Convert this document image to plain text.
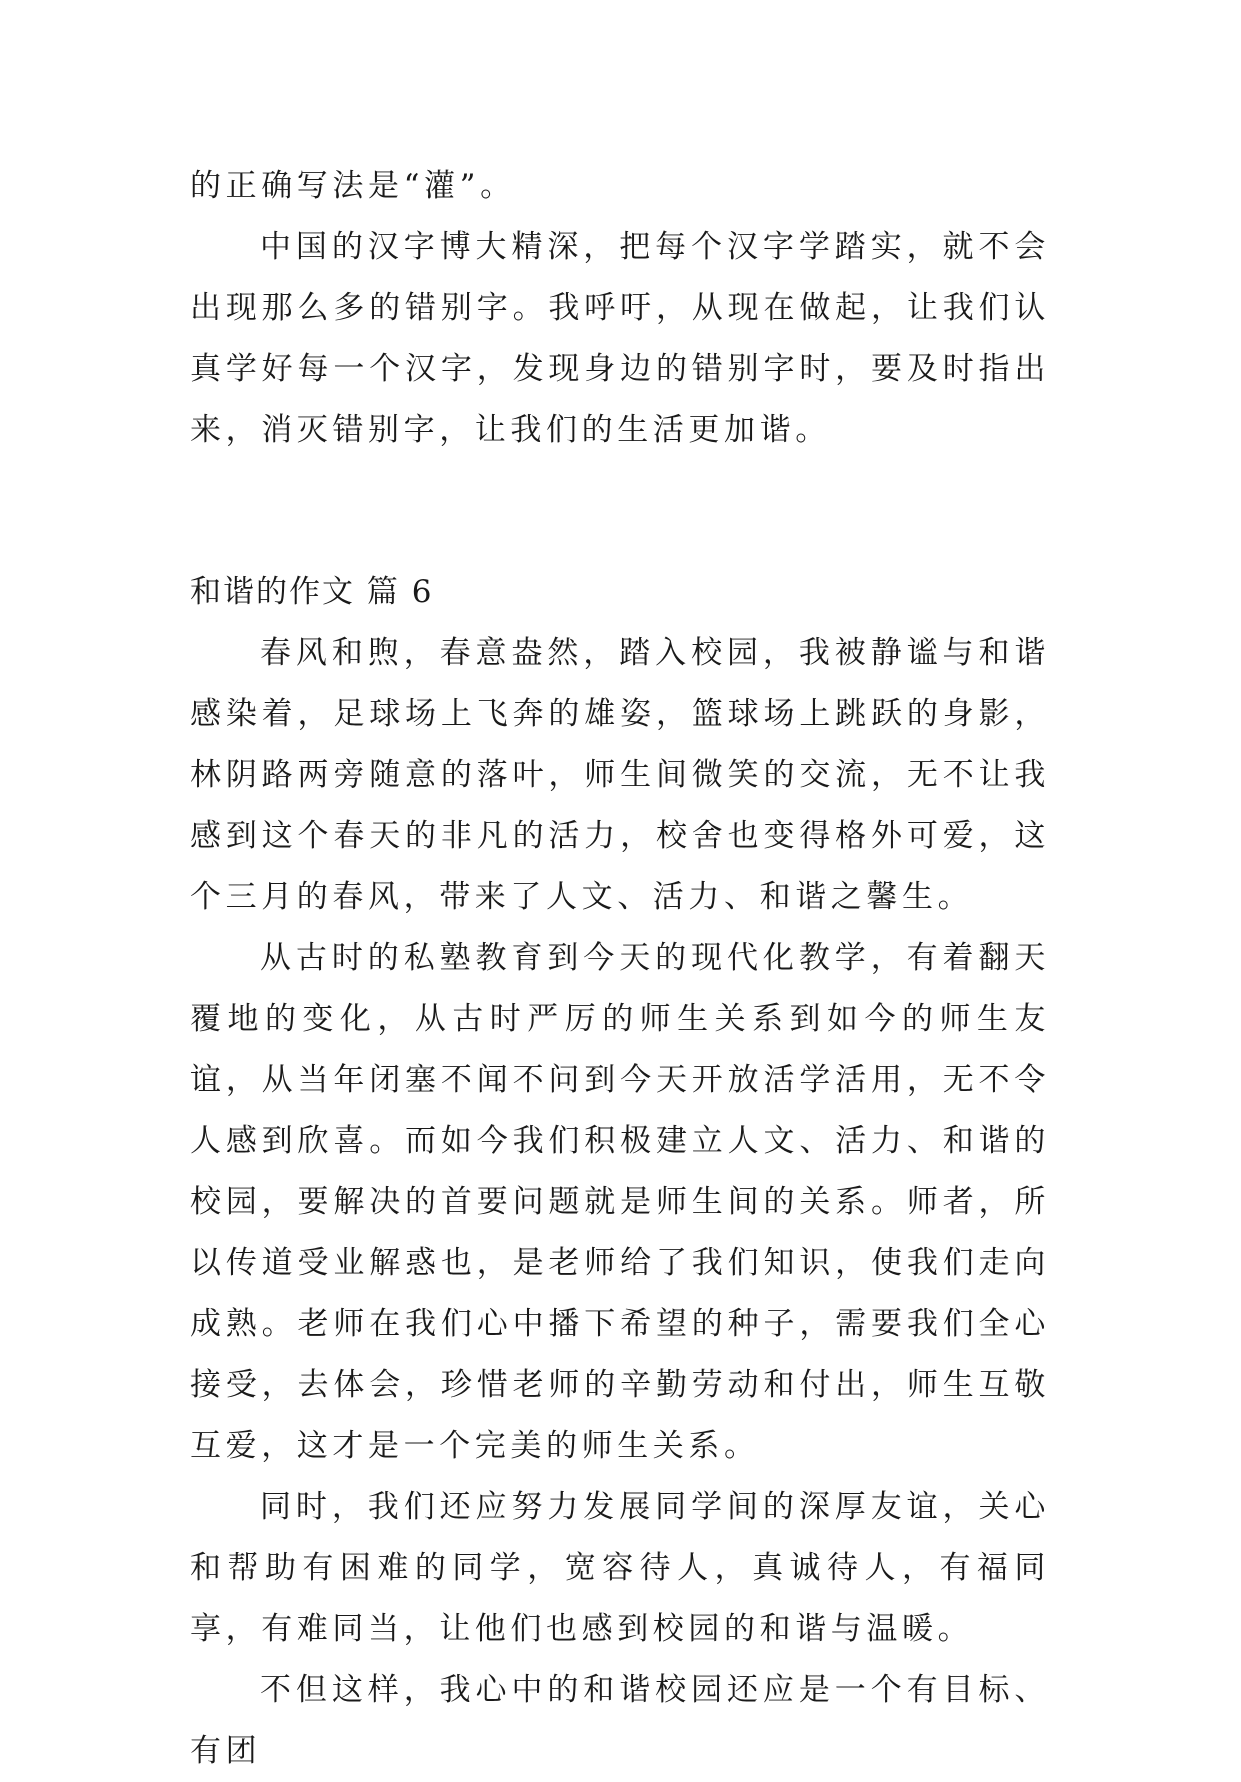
的正确写法是“灌”。

中国的汉字博大精深，把每个汉字学踏实，就不会出现那么多的错别字。我呼吁，从现在做起，让我们认真学好每一个汉字，发现身边的错别字时，要及时指出来，消灭错别字，让我们的生活更加谐。

和谐的作文 篇 6

春风和煦，春意盎然，踏入校园，我被静谧与和谐感染着，足球场上飞奔的雄姿，篮球场上跳跃的身影，林阴路两旁随意的落叶，师生间微笑的交流，无不让我感到这个春天的非凡的活力，校舍也变得格外可爱，这个三月的春风，带来了人文、活力、和谐之馨生。

从古时的私塾教育到今天的现代化教学，有着翻天覆地的变化，从古时严厉的师生关系到如今的师生友谊，从当年闭塞不闻不问到今天开放活学活用，无不令人感到欣喜。而如今我们积极建立人文、活力、和谐的校园，要解决的首要问题就是师生间的关系。师者，所以传道受业解惑也，是老师给了我们知识，使我们走向成熟。老师在我们心中播下希望的种子，需要我们全心接受，去体会，珍惜老师的辛勤劳动和付出，师生互敬互爱，这才是一个完美的师生关系。

同时，我们还应努力发展同学间的深厚友谊，关心和帮助有困难的同学，宽容待人，真诚待人，有福同享，有难同当，让他们也感到校园的和谐与温暖。

不但这样，我心中的和谐校园还应是一个有目标、有团
